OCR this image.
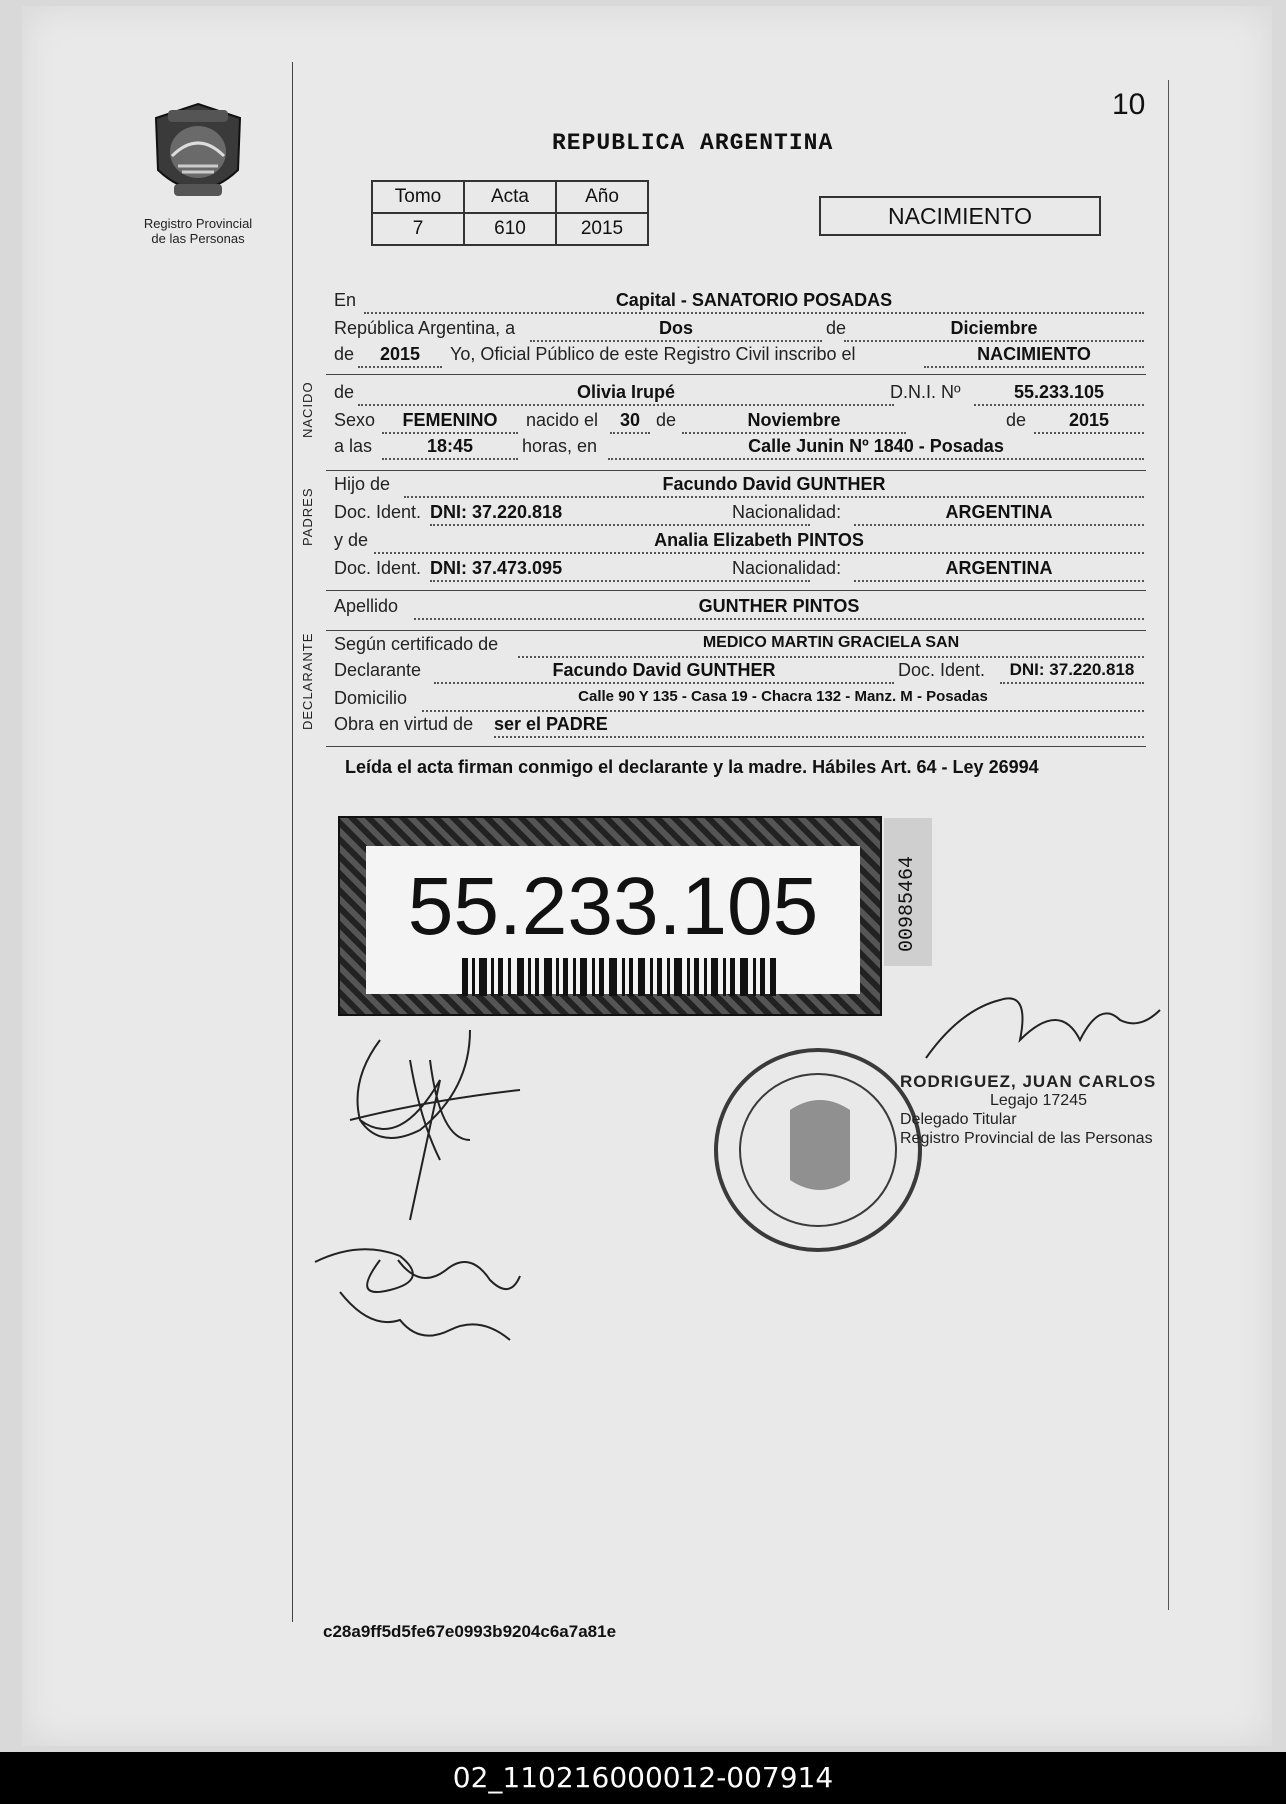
10
Registro Provincial
de las Personas
REPUBLICA ARGENTINA
Tomo	Acta	Año
7	610	2015	NACIMIENTO
En	Capital - SANATORIO POSADAS
República Argentina, a	Dos	de	Diciembre
de	2015	Yo, Oficial Público de este Registro Civil inscribo el	NACIMIENTO
NACIDO de	Olivia Irupé	D.N.I. Nº	55.233.105
Sexo	FEMENINO	nacido el	30 de	Noviembre	de	2015
a las	18:45	horas, en	Calle Junin Nº 1840 - Posadas
PADRES
Hijo de	Facundo David GUNTHER
Doc. Ident. DNI: 37.220.818	Nacionalidad:	ARGENTINA
y de	Analia Elizabeth PINTOS
Doc. Ident. DNI: 37.473.095	Nacionalidad:	ARGENTINA
Apellido	GUNTHER PINTOS
DECLARANTE Según certificado de	MEDICO MARTIN GRACIELA SAN
Declarante	Facundo David GUNTHER	Doc. Ident.	DNI: 37.220.818
Domicilio	Calle 90 Y 135 - Casa 19 - Chacra 132 - Manz. M - Posadas
Obra en virtud de ser el PADRE
Leída el acta firman conmigo el declarante y la madre. Hábiles Art. 64 - Ley 26994
55.233.105	00985464
RODRIGUEZ, JUAN CARLOS
Legajo 17245
Delegado Titular
Registro Provincial de las Personas
c28a9ff5d5fe67e0993b9204c6a7a81e
02_110216000012-007914
